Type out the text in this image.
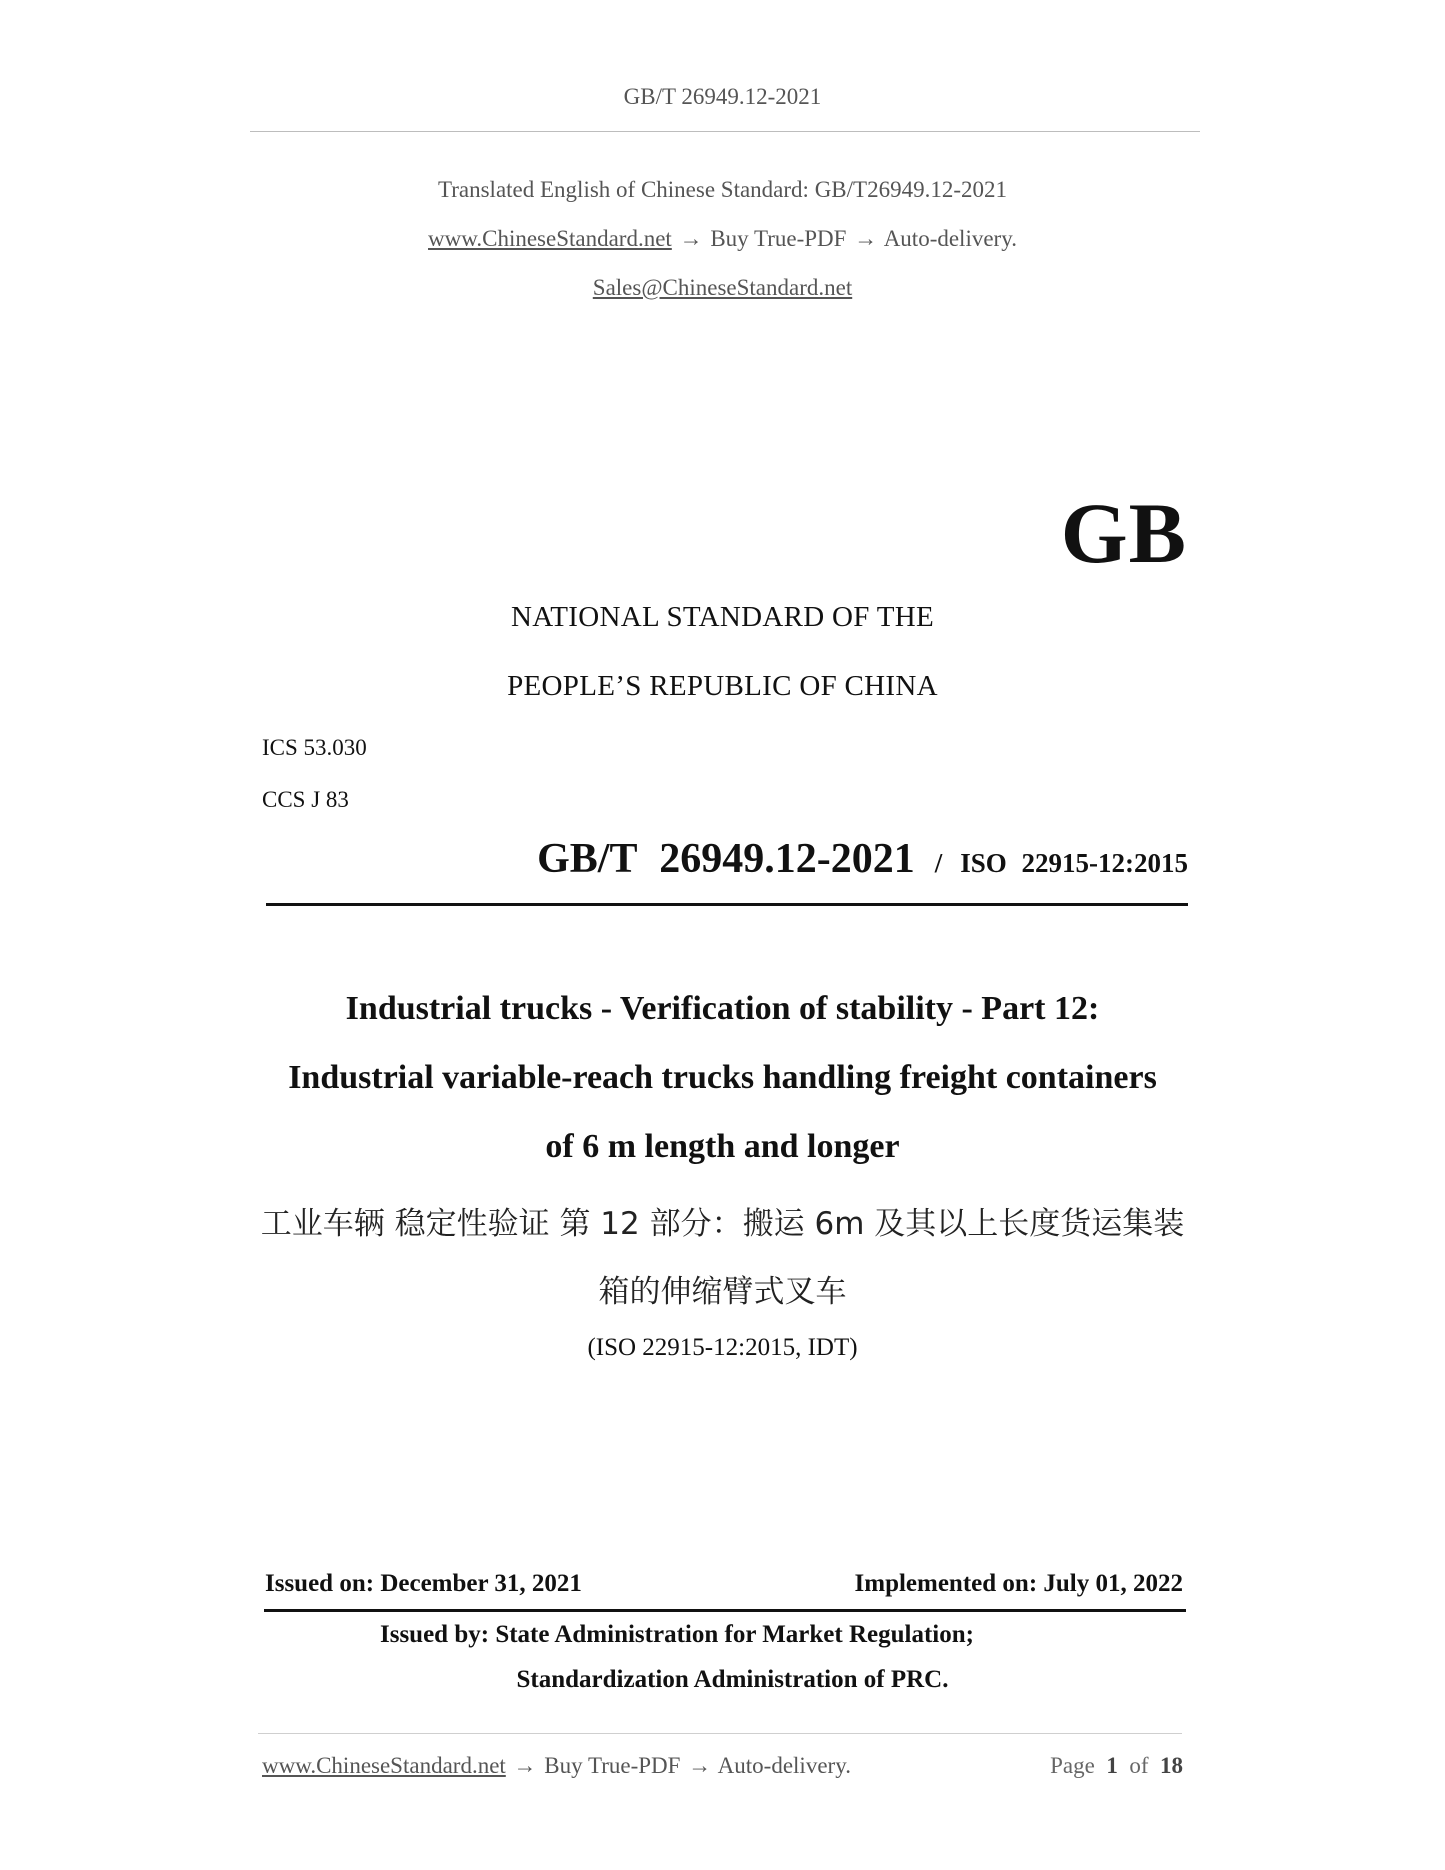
GB/T 26949.12-2021
Translated English of Chinese Standard: GB/T26949.12-2021
www.ChineseStandard.net → Buy True-PDF → Auto-delivery.
Sales@ChineseStandard.net
GB
NATIONAL STANDARD OF THE
PEOPLE’S REPUBLIC OF CHINA
ICS 53.030
CCS J 83
GB/T 26949.12-2021 / ISO 22915-12:2015
Industrial trucks - Verification of stability - Part 12:
Industrial variable-reach trucks handling freight containers
of 6 m length and longer
工业车辆 稳定性验证 第 12 部分：搬运 6m 及其以上长度货运集装
箱的伸缩臂式叉车
(ISO 22915-12:2015, IDT)
Issued on: December 31, 2021	Implemented on: July 01, 2022
Issued by: State Administration for Market Regulation;
Standardization Administration of PRC.
www.ChineseStandard.net → Buy True-PDF → Auto-delivery.	Page 1 of 18
